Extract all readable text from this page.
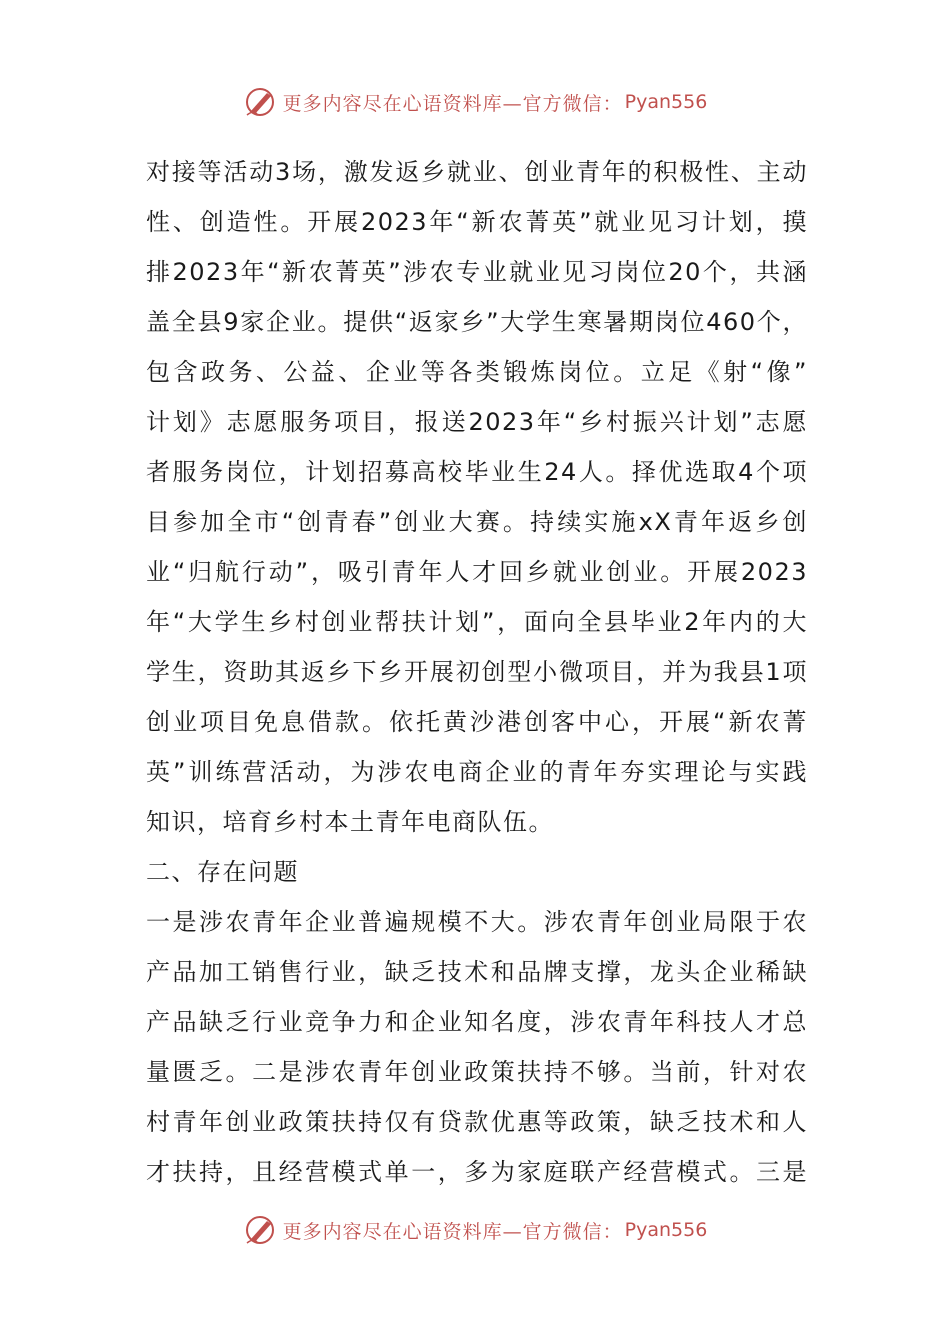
更多内容尽在心语资料库—官方微信： Pyan556
对接等活动3场，激发返乡就业、创业青年的积极性、主动
性、创造性。开展2023年“新农菁英”就业见习计划，摸
排2023年“新农菁英”涉农专业就业见习岗位20个，共涵
盖全县9家企业。提供“返家乡”大学生寒暑期岗位460个，
包含政务、公益、企业等各类锻炼岗位。立足《射“像”
计划》志愿服务项目，报送2023年“乡村振兴计划”志愿
者服务岗位，计划招募高校毕业生24人。择优选取4个项
目参加全市“创青春”创业大赛。持续实施xX青年返乡创
业“归航行动”，吸引青年人才回乡就业创业。开展2023
年“大学生乡村创业帮扶计划”，面向全县毕业2年内的大
学生，资助其返乡下乡开展初创型小微项目，并为我县1项
创业项目免息借款。依托黄沙港创客中心，开展“新农菁
英”训练营活动，为涉农电商企业的青年夯实理论与实践
知识，培育乡村本土青年电商队伍。
二、存在问题
一是涉农青年企业普遍规模不大。涉农青年创业局限于农
产品加工销售行业，缺乏技术和品牌支撑，龙头企业稀缺
产品缺乏行业竞争力和企业知名度，涉农青年科技人才总
量匮乏。二是涉农青年创业政策扶持不够。当前，针对农
村青年创业政策扶持仅有贷款优惠等政策，缺乏技术和人
才扶持，且经营模式单一，多为家庭联产经营模式。三是
更多内容尽在心语资料库—官方微信： Pyan556
